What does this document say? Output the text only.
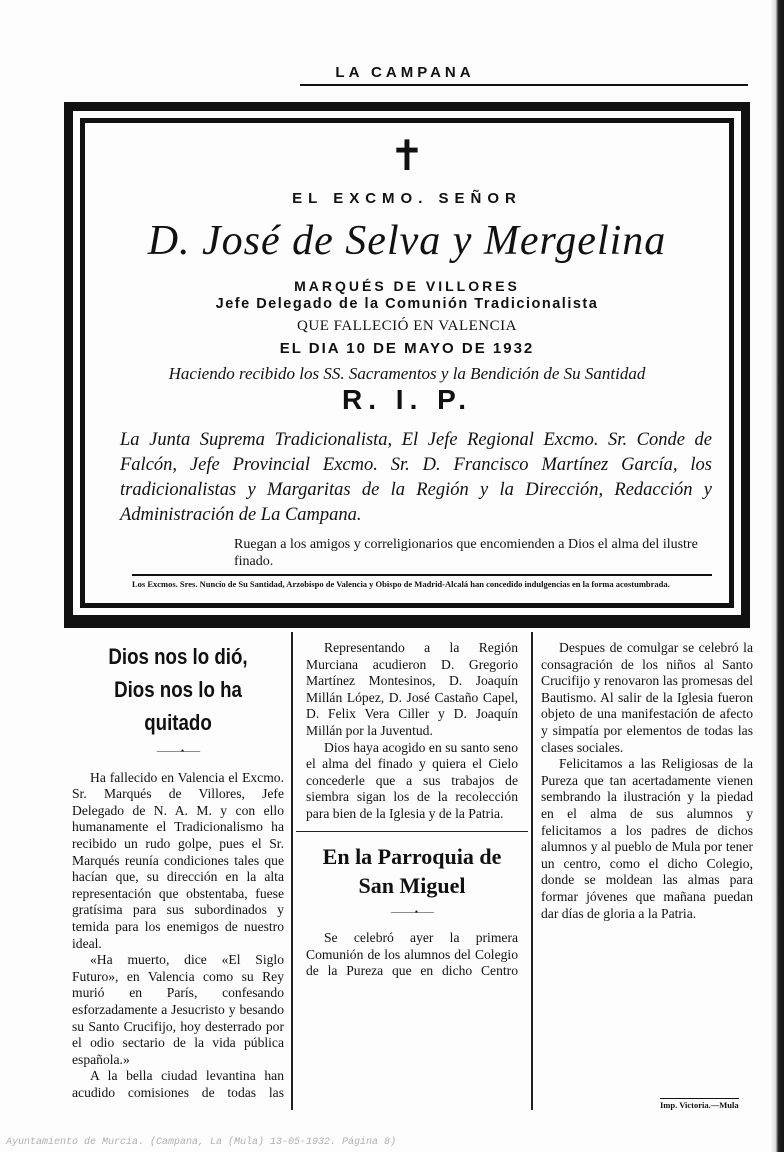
LA CAMPANA
✝
EL EXCMO. SEÑOR
D. José de Selva y Mergelina
MARQUÉS DE VILLORES
Jefe Delegado de la Comunión Tradicionalista
QUE FALLECIÓ EN VALENCIA
EL DIA 10 DE MAYO DE 1932
Haciendo recibido los SS. Sacramentos y la Bendición de Su Santidad
R. I. P.
La Junta Suprema Tradicionalista, El Jefe Regional Excmo. Sr. Conde de Falcón, Jefe Provincial Excmo. Sr. D. Francisco Martínez García, los tradicionalistas y Margaritas de la Región y la Dirección, Redacción y Administración de La Campana.
Ruegan a los amigos y correligionarios que encomienden a Dios el alma del ilustre finado.
Los Excmos. Sres. Nuncio de Su Santidad, Arzobispo de Valencia y Obispo de Madrid-Alcalá han concedido indulgencias en la forma acostumbrada.
Dios nos lo dió, Dios nos lo ha quitado
———•——

Ha fallecido en Valencia el Excmo. Sr. Marqués de Villores, Jefe Delegado de N. A. M. y con ello humanamente el Tradicionalismo ha recibido un rudo golpe, pues el Sr. Marqués reunía condiciones tales que hacían que, su dirección en la alta representación que obstentaba, fuese gratísima para sus subordinados y temida para los enemigos de nuestro ideal.

«Ha muerto, dice «El Siglo Futuro», en Valencia como su Rey murió en París, confesando esforzadamente a Jesucristo y besando su Santo Crucifijo, hoy desterrado por el odio sectario de la vida pública española.»

A la bella ciudad levantina han acudido comisiones de todas las

Representando a la Región Murciana acudieron D. Gregorio Martínez Montesinos, D. Joaquín Millán López, D. José Castaño Capel, D. Felix Vera Ciller y D. Joaquín Millán por la Juventud.

Dios haya acogido en su santo seno el alma del finado y quiera el Cielo concederle que a sus trabajos de siembra sigan los de la recolección para bien de la Iglesia y de la Patria.

En la Parroquia de San Miguel
———•——

Se celebró ayer la primera Comunión de los alumnos del Colegio de la Pureza que en dicho Centro

Despues de comulgar se celebró la consagración de los niños al Santo Crucifijo y renovaron las promesas del Bautismo. Al salir de la Iglesia fueron objeto de una manifestación de afecto y simpatía por elementos de todas las clases sociales.

Felicitamos a las Religiosas de la Pureza que tan acertadamente vienen sembrando la ilustración y la piedad en el alma de sus alumnos y felicitamos a los padres de dichos alumnos y al pueblo de Mula por tener un centro, como el dicho Colegio, donde se moldean las almas para formar jóvenes que mañana puedan dar días de gloria a la Patria.

Imp. Victoria.—Mula
Ayuntamiento de Murcia. (Campana, La (Mula) 13-05-1932. Página 8)
